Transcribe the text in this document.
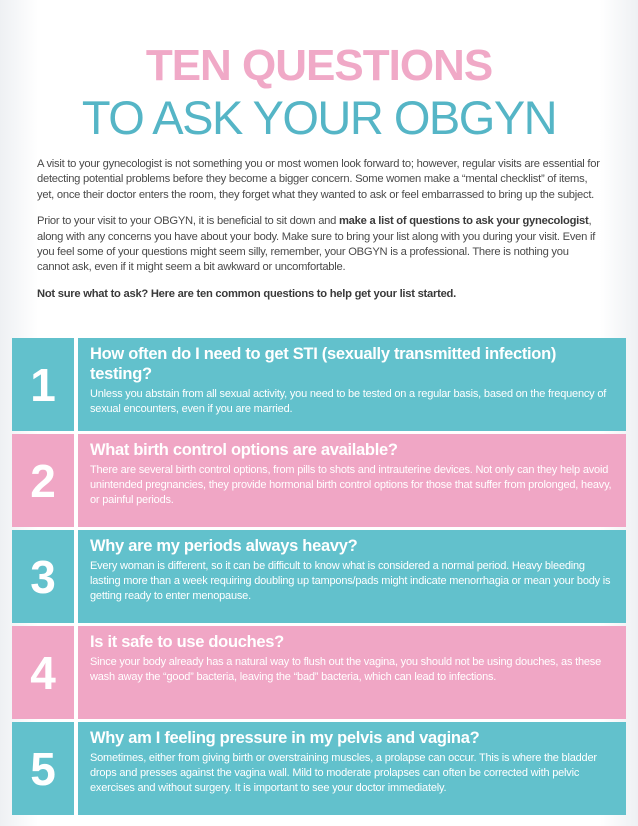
TEN QUESTIONS
TO ASK YOUR OBGYN

A visit to your gynecologist is not something you or most women look forward to; however, regular visits are essential for detecting potential problems before they become a bigger concern. Some women make a “mental checklist” of items, yet, once their doctor enters the room, they forget what they wanted to ask or feel embarrassed to bring up the subject.

Prior to your visit to your OBGYN, it is beneficial to sit down and make a list of questions to ask your gynecologist, along with any concerns you have about your body. Make sure to bring your list along with you during your visit. Even if you feel some of your questions might seem silly, remember, your OBGYN is a professional. There is nothing you cannot ask, even if it might seem a bit awkward or uncomfortable.

Not sure what to ask? Here are ten common questions to help get your list started.

1
How often do I need to get STI (sexually transmitted infection) testing?
Unless you abstain from all sexual activity, you need to be tested on a regular basis, based on the frequency of sexual encounters, even if you are married.
2
What birth control options are available?
There are several birth control options, from pills to shots and intrauterine devices. Not only can they help avoid unintended pregnancies, they provide hormonal birth control options for those that suffer from prolonged, heavy, or painful periods.
3
Why are my periods always heavy?
Every woman is different, so it can be difficult to know what is considered a normal period. Heavy bleeding lasting more than a week requiring doubling up tampons/pads might indicate menorrhagia or mean your body is getting ready to enter menopause.
4
Is it safe to use douches?
Since your body already has a natural way to flush out the vagina, you should not be using douches, as these wash away the “good” bacteria, leaving the “bad” bacteria, which can lead to infections.
5
Why am I feeling pressure in my pelvis and vagina?
Sometimes, either from giving birth or overstraining muscles, a prolapse can occur. This is where the bladder drops and presses against the vagina wall. Mild to moderate prolapses can often be corrected with pelvic exercises and without surgery. It is important to see your doctor immediately.
